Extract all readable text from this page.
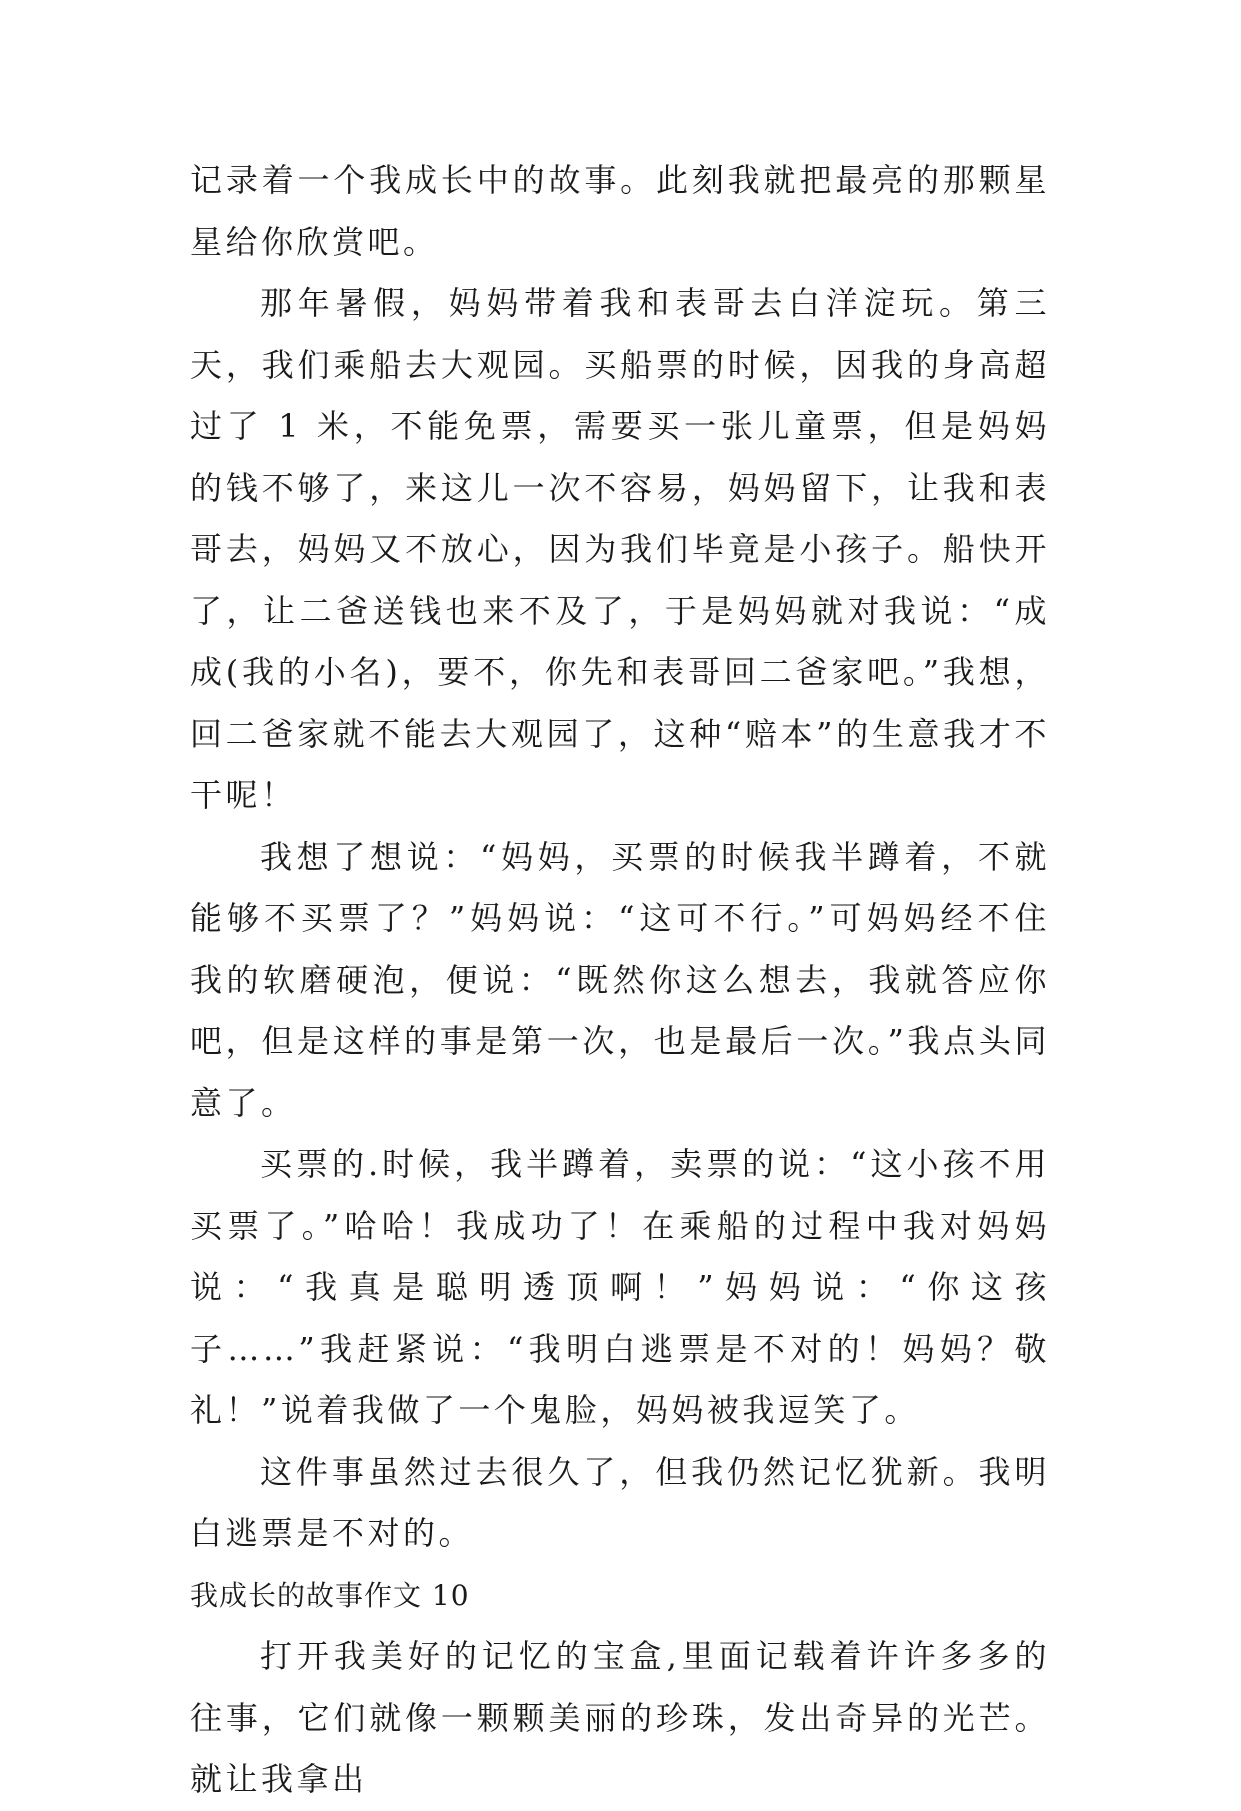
记录着一个我成长中的故事。此刻我就把最亮的那颗星星给你欣赏吧。

那年暑假，妈妈带着我和表哥去白洋淀玩。第三天，我们乘船去大观园。买船票的时候，因我的身高超过了 1 米，不能免票，需要买一张儿童票，但是妈妈的钱不够了，来这儿一次不容易，妈妈留下，让我和表哥去，妈妈又不放心，因为我们毕竟是小孩子。船快开了，让二爸送钱也来不及了，于是妈妈就对我说：“成成(我的小名)，要不，你先和表哥回二爸家吧。”我想，回二爸家就不能去大观园了，这种“赔本”的生意我才不干呢！

我想了想说：“妈妈，买票的时候我半蹲着，不就能够不买票了？”妈妈说：“这可不行。”可妈妈经不住我的软磨硬泡，便说：“既然你这么想去，我就答应你吧，但是这样的事是第一次，也是最后一次。”我点头同意了。

买票的.时候，我半蹲着，卖票的说：“这小孩不用买票了。”哈哈！我成功了！在乘船的过程中我对妈妈说：“我真是聪明透顶啊！”妈妈说：“你这孩子……”我赶紧说：“我明白逃票是不对的！妈妈？敬礼！”说着我做了一个鬼脸，妈妈被我逗笑了。

这件事虽然过去很久了，但我仍然记忆犹新。我明白逃票是不对的。

我成长的故事作文 10

打开我美好的记忆的宝盒,里面记载着许许多多的往事，它们就像一颗颗美丽的珍珠，发出奇异的光芒。就让我拿出
